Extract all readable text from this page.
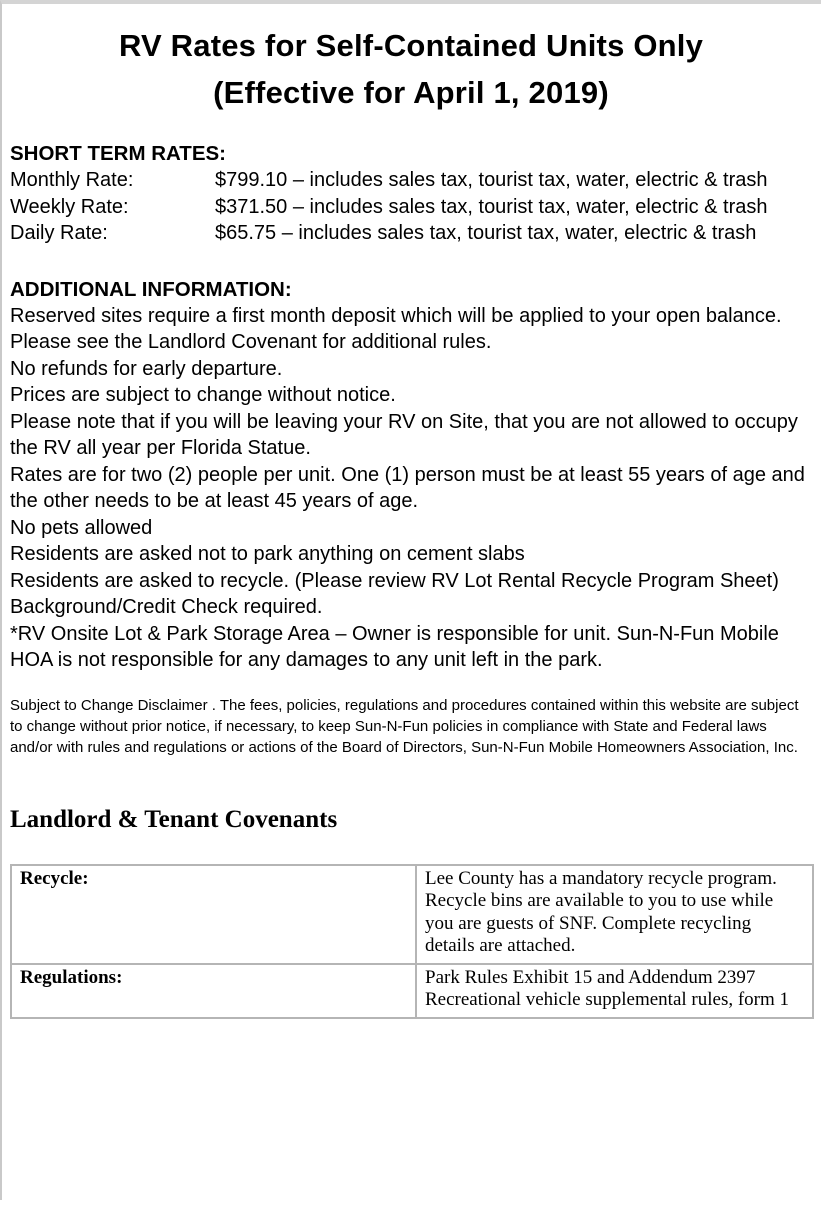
RV Rates for Self-Contained Units Only
(Effective for April 1, 2019)
SHORT TERM RATES:
Monthly Rate:	$799.10 – includes sales tax, tourist tax, water, electric & trash
Weekly Rate:	$371.50 – includes sales tax, tourist tax, water, electric & trash
Daily Rate:	$65.75 – includes sales tax, tourist tax, water, electric & trash
ADDITIONAL INFORMATION:
Reserved sites require a first month deposit which will be applied to your open balance.
Please see the Landlord Covenant for additional rules.
No refunds for early departure.
Prices are subject to change without notice.
Please note that if you will be leaving your RV on Site, that you are not allowed to occupy the RV all year per Florida Statue.
Rates are for two (2) people per unit. One (1) person must be at least 55 years of age and the other needs to be at least 45 years of age.
No pets allowed
Residents are asked not to park anything on cement slabs
Residents are asked to recycle. (Please review RV Lot Rental Recycle Program Sheet)
Background/Credit Check required.
*RV Onsite Lot & Park Storage Area – Owner is responsible for unit. Sun-N-Fun Mobile HOA is not responsible for any damages to any unit left in the park.
Subject to Change Disclaimer . The fees, policies, regulations and procedures contained within this website are subject to change without prior notice, if necessary, to keep Sun-N-Fun policies in compliance with State and Federal laws and/or with rules and regulations or actions of the Board of Directors, Sun-N-Fun Mobile Homeowners Association, Inc.
Landlord & Tenant Covenants
Recycle:	Lee County has a mandatory recycle program. Recycle bins are available to you to use while you are guests of SNF. Complete recycling details are attached.
Regulations:	Park Rules Exhibit 15 and Addendum 2397 Recreational vehicle supplemental rules, form 1
